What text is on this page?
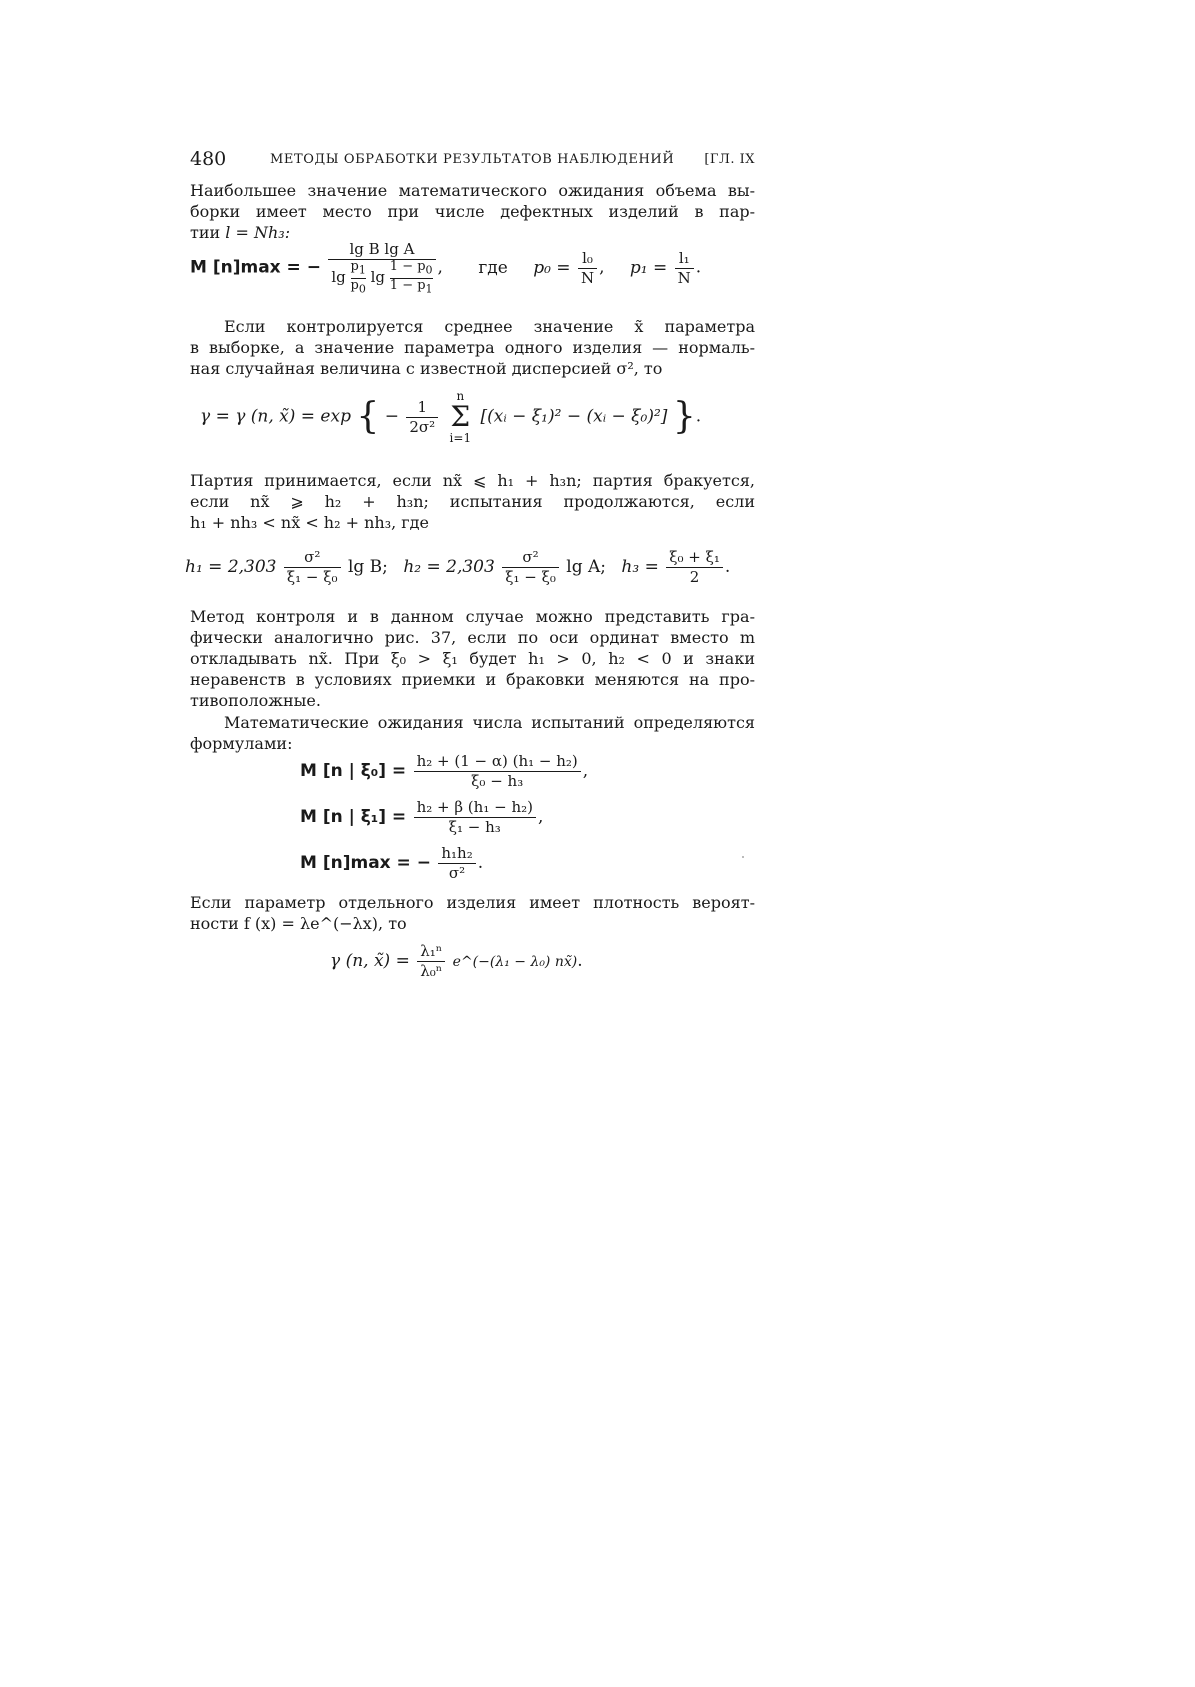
480	МЕТОДЫ ОБРАБОТКИ РЕЗУЛЬТАТОВ НАБЛЮДЕНИЙ [ГЛ. IX
Наибольшее значение математического ожидания объема вы-
борки имеет место при числе дефектных изделий в пар-
тии l = Nh₃:
M [n]max = − $\frac{\text{lg B lg A}}{\lg \frac{p_1}{p_0} \lg \frac{1 - p_0}{1 - p_1}}$ , где $p_0 = \frac{\text{l₀}}{N}$ , $p_1 = \frac{\text{l₁}}{N}$ .
Если контролируется среднее значение x̃ параметра
в выборке, а значение параметра одного изделия — нормаль-
ная случайная величина с известной дисперсией σ², то
γ = γ (n, x̃) = exp { − $\frac{1}{\text{2σ²}}$

n
Σ
i=1
[(xᵢ − ξ₁)² − (xᵢ − ξ₀)²] }.
Партия принимается, если nx̃ ⩽ h₁ + h₃n; партия бракуется,
если nx̃ ⩾ h₂ + h₃n; испытания продолжаются, если
h₁ + nh₃ < nx̃ < h₂ + nh₃, где
$h_1 = 2,303 \frac{\text{σ²}}{\text{ξ₁ − ξ₀}}$ lg B; $h_2 = 2,303 \frac{\text{σ²}}{\text{ξ₁ − ξ₀}}$ lg A; $h_3 = \frac{\text{ξ₀ + ξ₁}}{2}$ .
Метод контроля и в данном случае можно представить гра-
фически аналогично рис. 37, если по оси ординат вместо m
откладывать nx̃. При ξ₀ > ξ₁ будет h₁ > 0, h₂ < 0 и знаки
неравенств в условиях приемки и браковки меняются на про-
тивоположные.
Математические ожидания числа испытаний определяются
формулами:
M [n | $\xi_0] = \frac{\text{h₂ + (1 − α) (h₁ − h₂)}}{\text{ξ₀ − h₃}}$ ,
M [n | $\xi_1] = \frac{\text{h₂ + β (h₁ − h₂)}}{\text{ξ₁ − h₃}}$ ,
M [n]max = − $\frac{\text{h₁h₂}}{\text{σ²}}$ .
Если параметр отдельного изделия имеет плотность вероят-
ности f (x) = λe^(−λx), то
γ (n, x̃) = $\frac{\text{λ₁ⁿ}}{\text{λ₀ⁿ}}$ e^(−(λ₁ − λ₀) nx̃).
